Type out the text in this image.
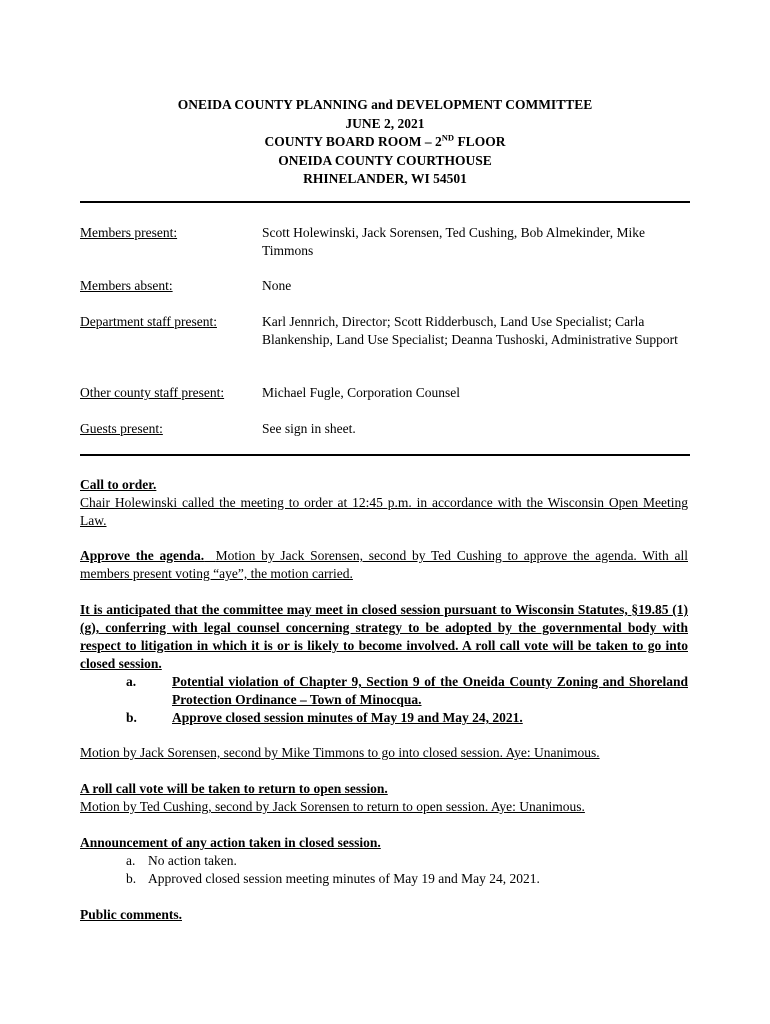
ONEIDA COUNTY PLANNING and DEVELOPMENT COMMITTEE
JUNE 2, 2021
COUNTY BOARD ROOM – 2ND FLOOR
ONEIDA COUNTY COURTHOUSE
RHINELANDER, WI 54501
Members present:	Scott Holewinski, Jack Sorensen, Ted Cushing, Bob Almekinder, Mike Timmons
Members absent:	None
Department staff present:	Karl Jennrich, Director; Scott Ridderbusch, Land Use Specialist; Carla Blankenship, Land Use Specialist; Deanna Tushoski, Administrative Support
Other county staff present:	Michael Fugle, Corporation Counsel
Guests present:	See sign in sheet.
Call to order.
Chair Holewinski called the meeting to order at 12:45 p.m. in accordance with the Wisconsin Open Meeting Law.
Approve the agenda. Motion by Jack Sorensen, second by Ted Cushing to approve the agenda. With all members present voting “aye”, the motion carried.
It is anticipated that the committee may meet in closed session pursuant to Wisconsin Statutes, §19.85 (1) (g), conferring with legal counsel concerning strategy to be adopted by the governmental body with respect to litigation in which it is or is likely to become involved. A roll call vote will be taken to go into closed session.
a.	Potential violation of Chapter 9, Section 9 of the Oneida County Zoning and Shoreland Protection Ordinance – Town of Minocqua.
b.	Approve closed session minutes of May 19 and May 24, 2021.
Motion by Jack Sorensen, second by Mike Timmons to go into closed session. Aye: Unanimous.
A roll call vote will be taken to return to open session.
Motion by Ted Cushing, second by Jack Sorensen to return to open session. Aye: Unanimous.
Announcement of any action taken in closed session.
a. No action taken.
b. Approved closed session meeting minutes of May 19 and May 24, 2021.
Public comments.
